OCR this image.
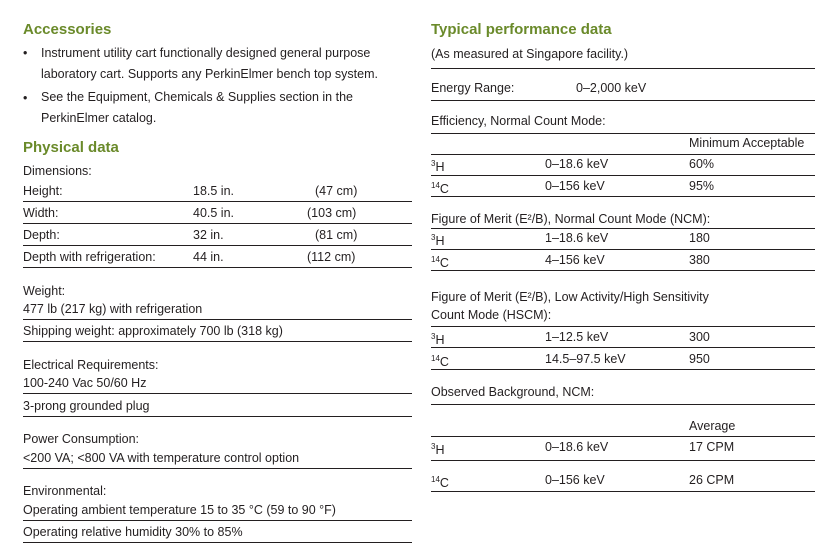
Accessories
• Instrument utility cart functionally designed general purpose
laboratory cart. Supports any PerkinElmer bench top system.
• See the Equipment, Chemicals & Supplies section in the
PerkinElmer catalog.
Physical data
Dimensions:
Height:	18.5 in.	(47 cm)
Width:	40.5 in.	(103 cm)
Depth:	32 in.	(81 cm)
Depth with refrigeration:	44 in.	(112 cm)
Weight:
477 lb (217 kg) with refrigeration
Shipping weight: approximately 700 lb (318 kg)
Electrical Requirements:
100-240 Vac 50/60 Hz
3-prong grounded plug
Power Consumption:
<200 VA; <800 VA with temperature control option
Environmental:
Operating ambient temperature 15 to 35 °C (59 to 90 °F)
Operating relative humidity 30% to 85%
Typical performance data
(As measured at Singapore facility.)
Energy Range:	0–2,000 keV
Efficiency, Normal Count Mode:
Minimum Acceptable
$^3$H	0–18.6 keV	60%
$^{14}$C	0–156 keV	95%
Figure of Merit (E²/B), Normal Count Mode (NCM):
$^3$H	1–18.6 keV	180
$^{14}$C	4–156 keV	380
Figure of Merit (E²/B), Low Activity/High Sensitivity
Count Mode (HSCM):
$^3$H	1–12.5 keV	300
$^{14}$C	14.5–97.5 keV	950
Observed Background, NCM:
Average
$^3$H	0–18.6 keV	17 CPM
$^{14}$C	0–156 keV	26 CPM
